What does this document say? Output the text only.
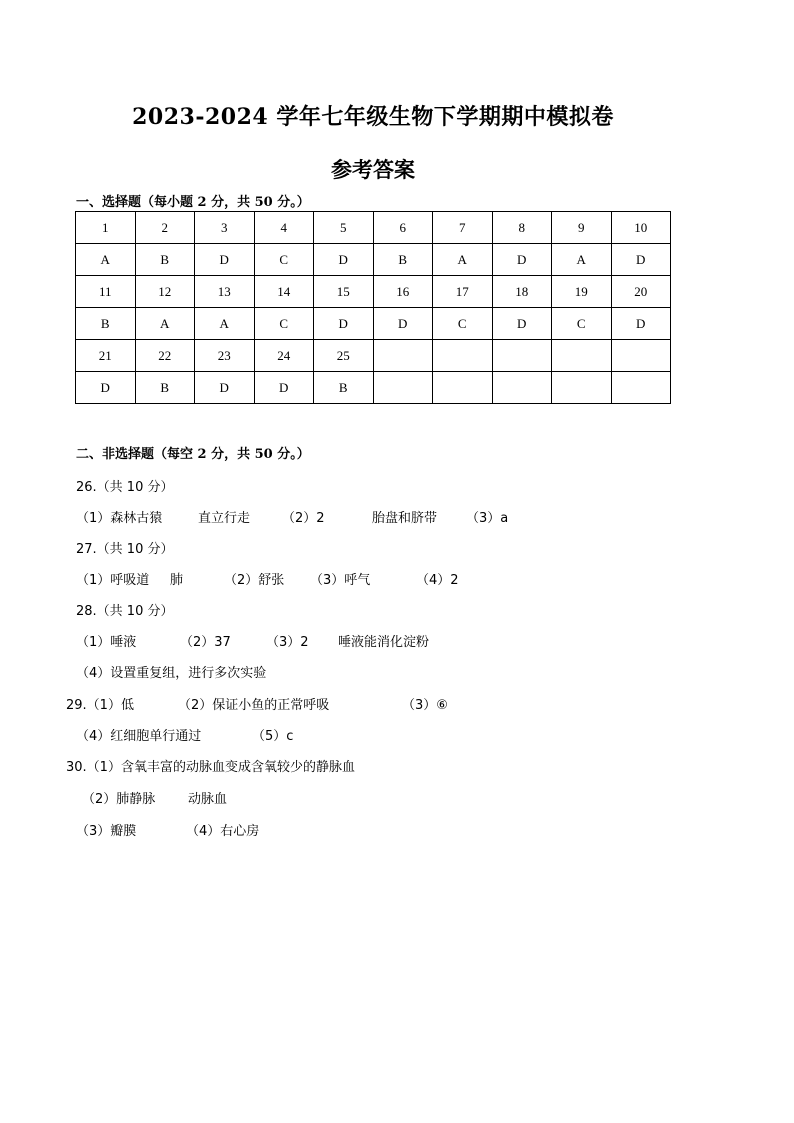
2023-2024 学年七年级生物下学期期中模拟卷
参考答案
一、选择题（每小题 2 分，共 50 分。）
1	2	3	4	5	6	7	8	9	10
A	B	D	C	D	B	A	D	A	D
11	12	13	14	15	16	17	18	19	20
B	A	A	C	D	D	C	D	C	D
21	22	23	24	25					
D	B	D	D	B					
二、非选择题（每空 2 分，共 50 分。）
26.（共 10 分）

（1）森林古猿

	直立行走

（2）2

	胎盘和脐带

（3）a

27.（共 10 分）

（1）呼吸道

肺

	（2）舒张

（3）呼气

	（4）2

28.（共 10 分）

（1）唾液

	（2）37

	（3）2

唾液能消化淀粉

（4）设置重复组，进行多次实验

29.（1）低

	（2）保证小鱼的正常呼吸

	（3）⑥

（4）红细胞单行通过

	（5）c

30.（1）含氧丰富的动脉血变成含氧较少的静脉血

（2）肺静脉

	动脉血

（3）瓣膜

	（4）右心房
